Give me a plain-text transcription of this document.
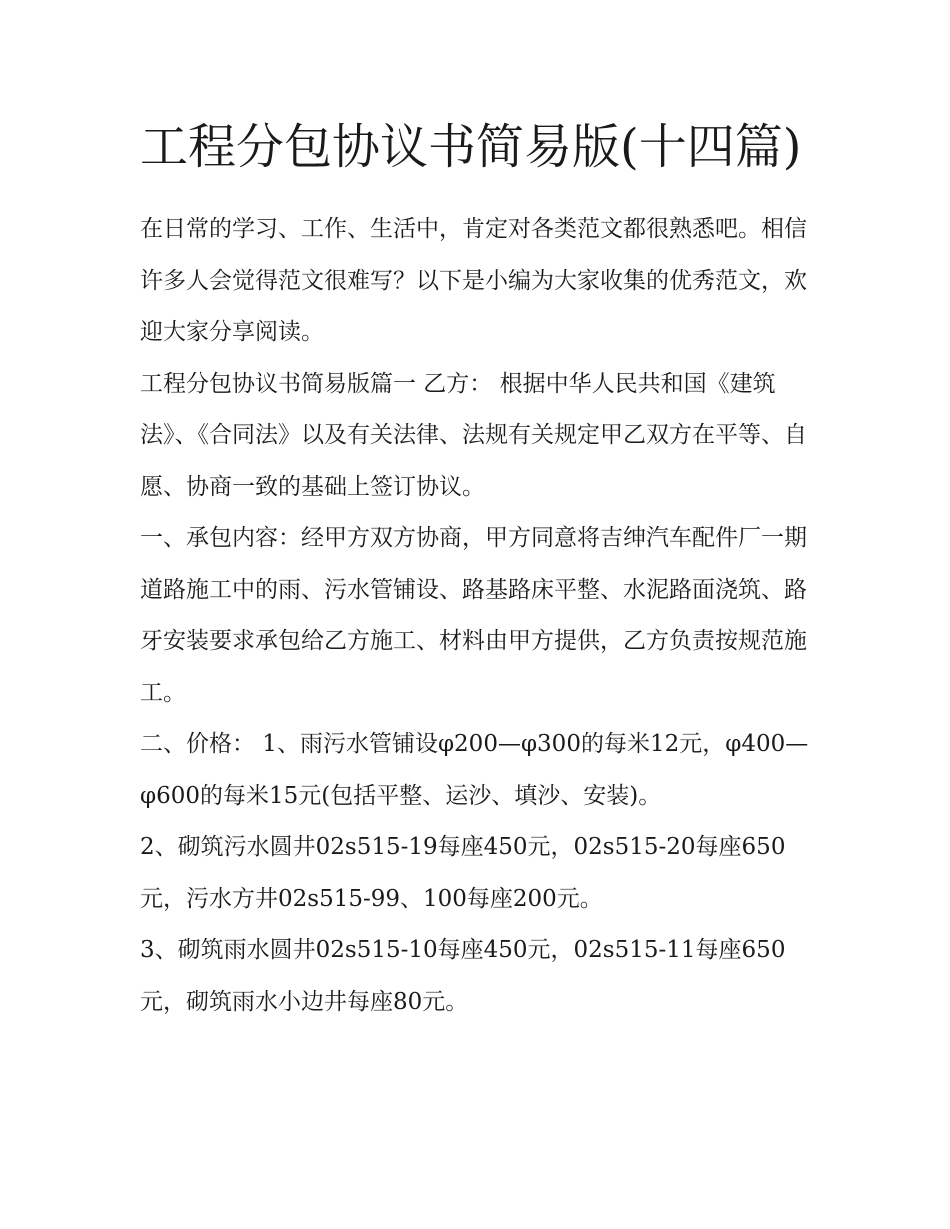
工程分包协议书简易版(十四篇)

在日常的学习、工作、生活中，肯定对各类范文都很熟悉吧。相信许多人会觉得范文很难写？以下是小编为大家收集的优秀范文，欢迎大家分享阅读。

工程分包协议书简易版篇一 乙方： 根据中华人民共和国《建筑法》、《合同法》以及有关法律、法规有关规定甲乙双方在平等、自愿、协商一致的基础上签订协议。

一、承包内容：经甲方双方协商，甲方同意将吉绅汽车配件厂一期道路施工中的雨、污水管铺设、路基路床平整、水泥路面浇筑、路牙安装要求承包给乙方施工、材料由甲方提供，乙方负责按规范施工。

二、价格： 1、雨污水管铺设φ200—φ300的每米12元，φ400—φ600的每米15元(包括平整、运沙、填沙、安装)。

2、砌筑污水圆井02s515-19每座450元，02s515-20每座650元，污水方井02s515-99、100每座200元。

3、砌筑雨水圆井02s515-10每座450元，02s515-11每座650元，砌筑雨水小边井每座80元。
